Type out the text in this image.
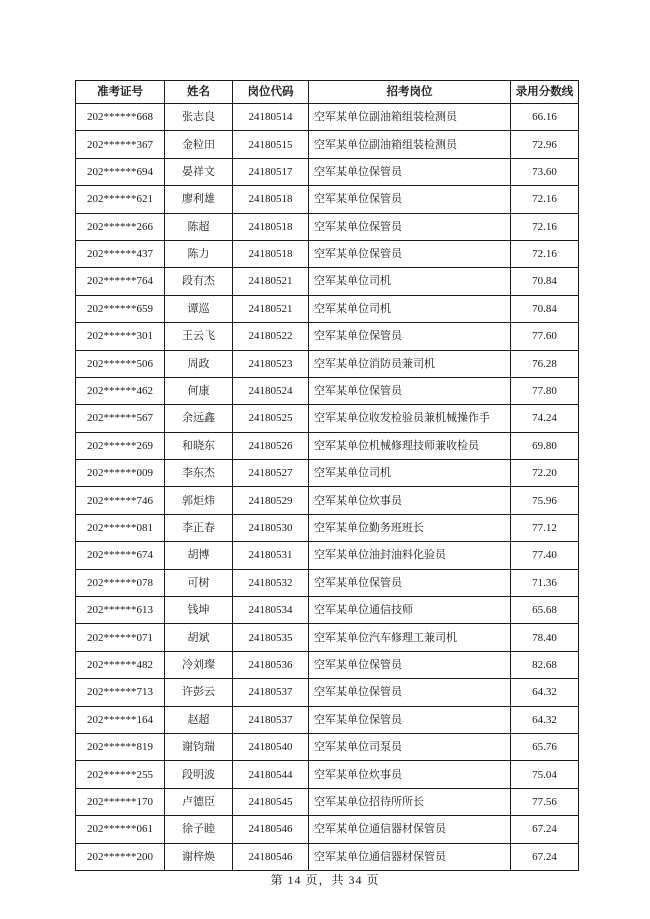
准考证号	姓名	岗位代码	招考岗位	录用分数线
202******668	张志良	24180514	空军某单位副油箱组装检测员	66.16
202******367	金粒田	24180515	空军某单位副油箱组装检测员	72.96
202******694	晏祥文	24180517	空军某单位保管员	73.60
202******621	廖利雄	24180518	空军某单位保管员	72.16
202******266	陈超	24180518	空军某单位保管员	72.16
202******437	陈力	24180518	空军某单位保管员	72.16
202******764	段有杰	24180521	空军某单位司机	70.84
202******659	谭巡	24180521	空军某单位司机	70.84
202******301	王云飞	24180522	空军某单位保管员	77.60
202******506	周政	24180523	空军某单位消防员兼司机	76.28
202******462	何康	24180524	空军某单位保管员	77.80
202******567	余远鑫	24180525	空军某单位收发检验员兼机械操作手	74.24
202******269	和晓东	24180526	空军某单位机械修理技师兼收检员	69.80
202******009	李东杰	24180527	空军某单位司机	72.20
202******746	郭炬炜	24180529	空军某单位炊事员	75.96
202******081	李正春	24180530	空军某单位勤务班班长	77.12
202******674	胡博	24180531	空军某单位油封油料化验员	77.40
202******078	可树	24180532	空军某单位保管员	71.36
202******613	钱坤	24180534	空军某单位通信技师	65.68
202******071	胡斌	24180535	空军某单位汽车修理工兼司机	78.40
202******482	冷刘璨	24180536	空军某单位保管员	82.68
202******713	许彭云	24180537	空军某单位保管员	64.32
202******164	赵超	24180537	空军某单位保管员	64.32
202******819	谢钧瑞	24180540	空军某单位司泵员	65.76
202******255	段明波	24180544	空军某单位炊事员	75.04
202******170	卢德臣	24180545	空军某单位招待所所长	77.56
202******061	徐子睦	24180546	空军某单位通信器材保管员	67.24
202******200	谢梓焕	24180546	空军某单位通信器材保管员	67.24
第 14 页，共 34 页
